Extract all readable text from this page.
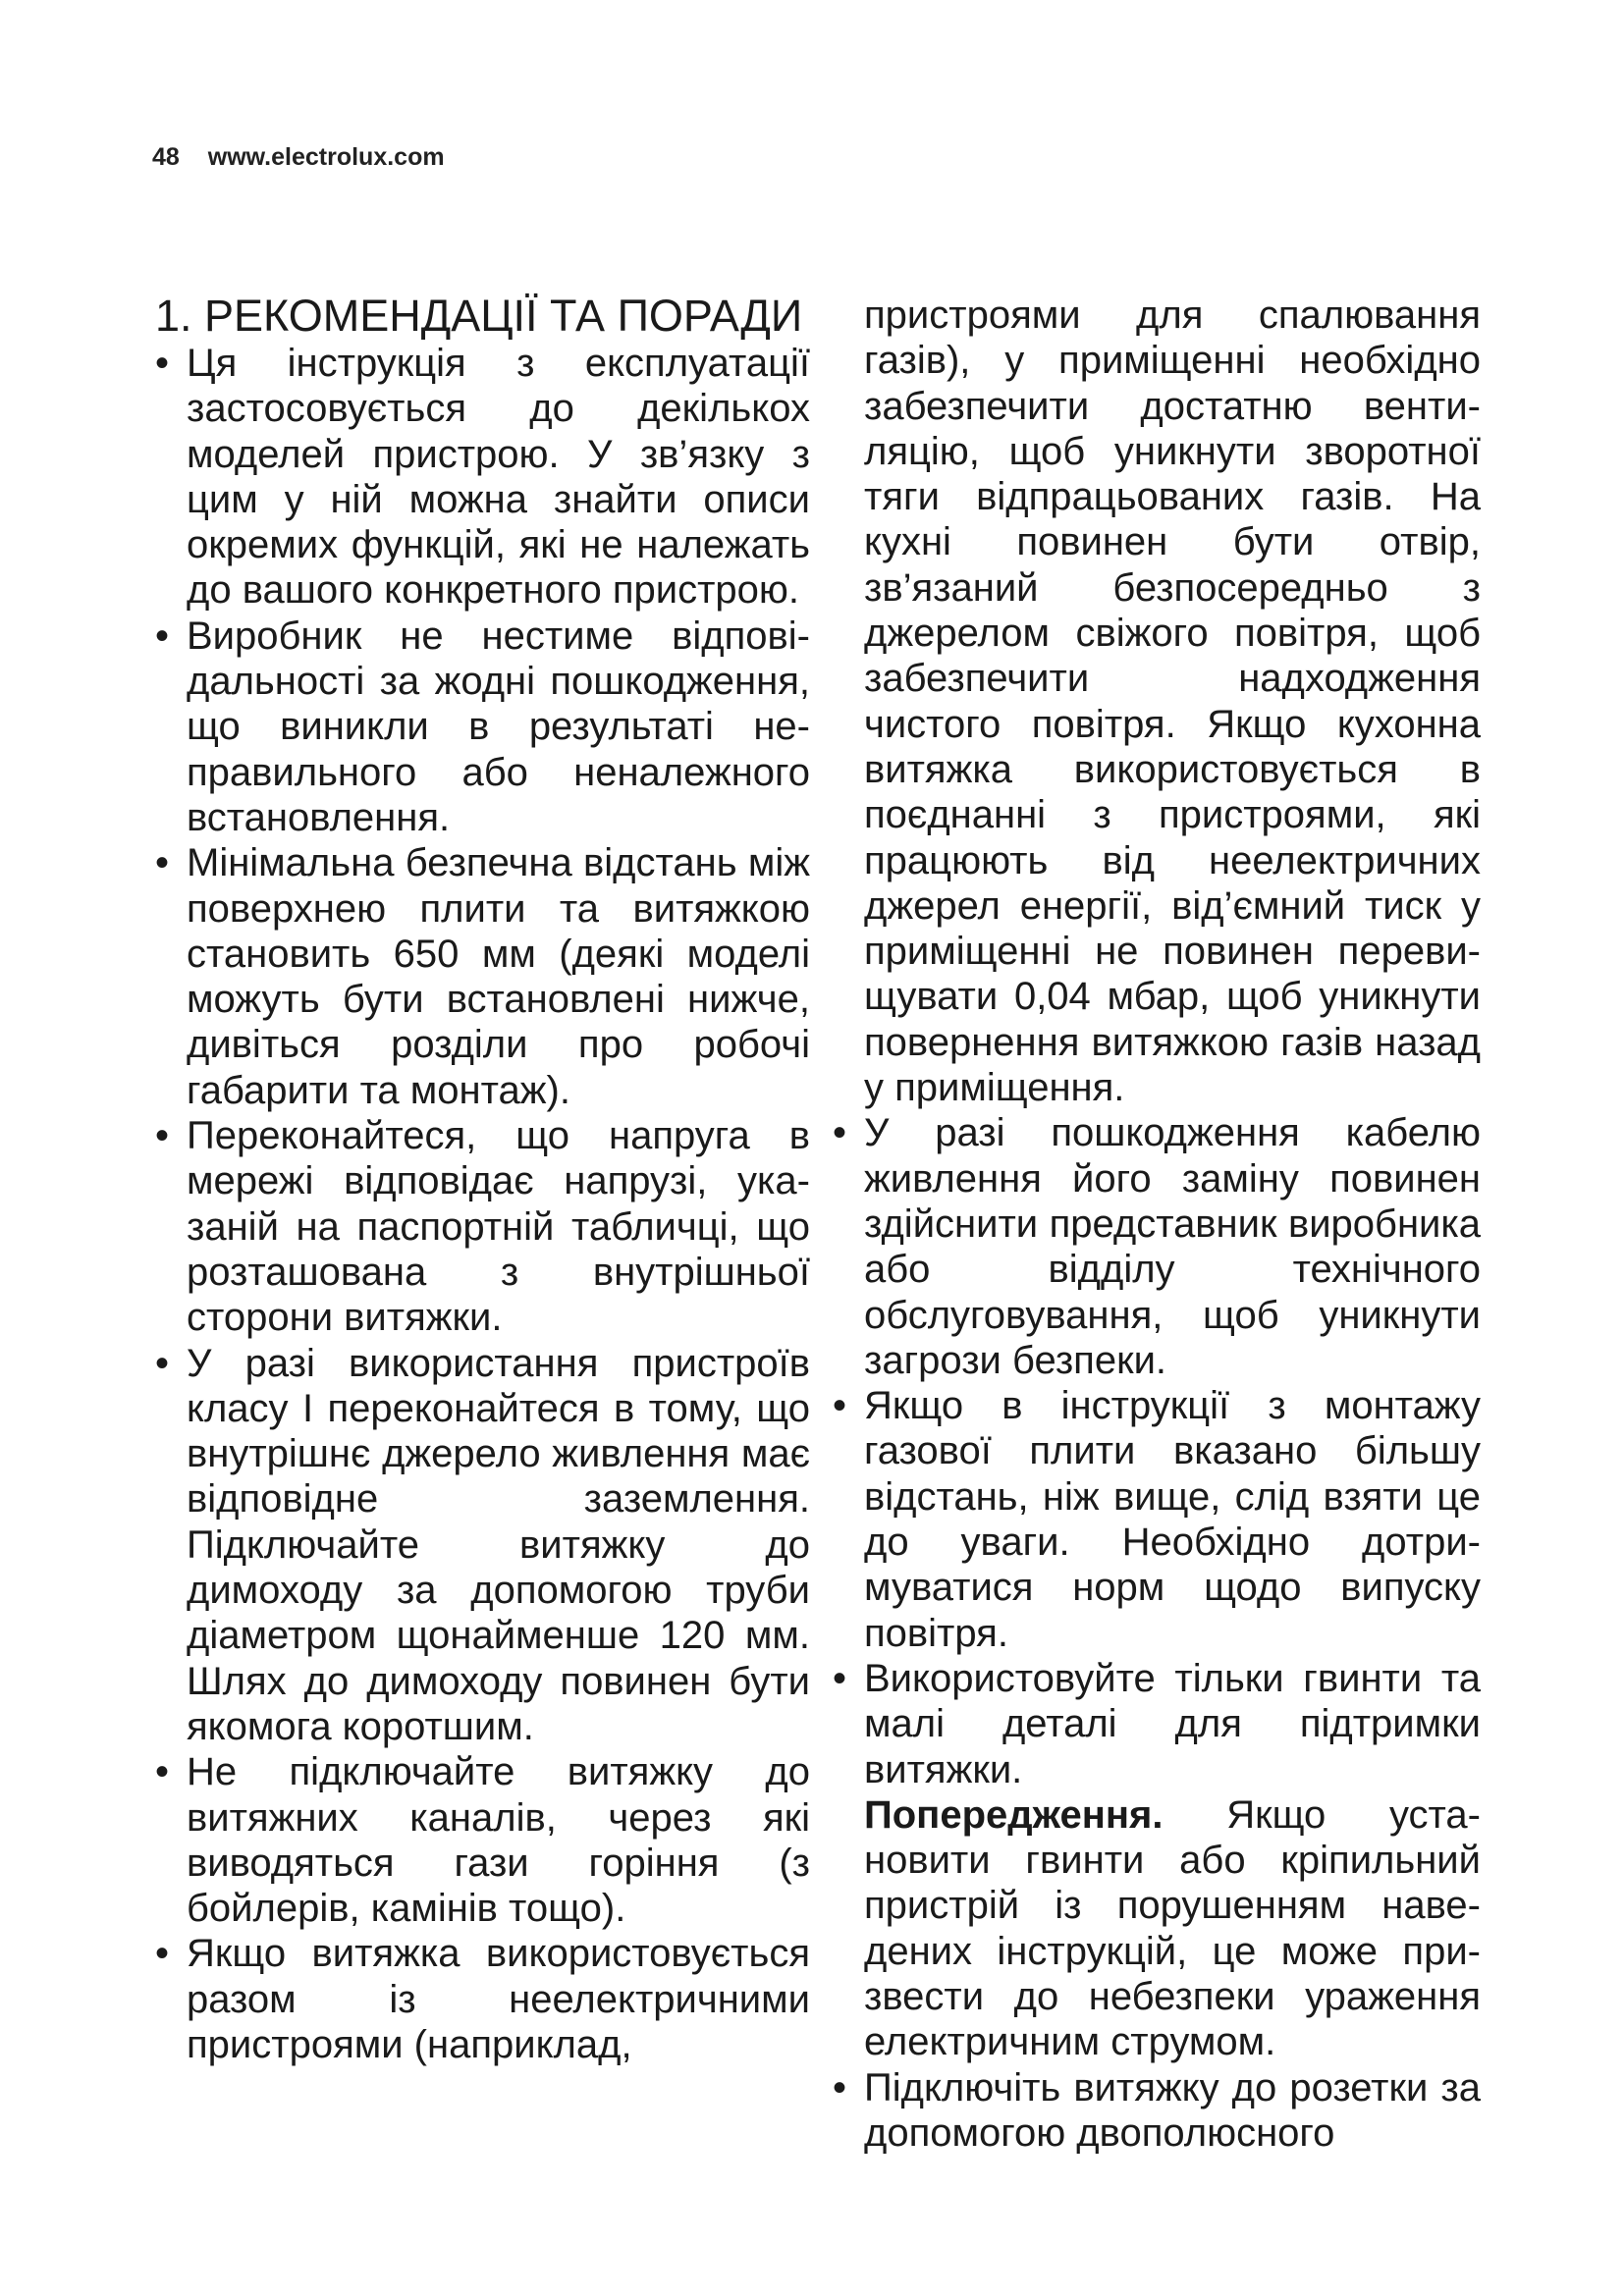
48 www.electrolux.com
1. РЕКОМЕНДАЦІЇ ТА ПОРАДИ
• Ця інструкція з експлуатації застосовується до декількох моделей пристрою. У зв’язку з цим у ній можна знайти описи окремих функцій, які не належать до вашого конкретного пристрою.
• Виробник не нестиме відповідальності за жодні пошкодження, що виникли в результаті неправильного або неналежного встановлення.
• Мінімальна безпечна відстань між поверхнею плити та витяжкою становить 650 мм (деякі моделі можуть бути встановлені нижче, дивіться розділи про робочі габарити та монтаж).
• Переконайтеся, що напруга в мережі відповідає напрузі, указаній на паспортній табличці, що розташована з внутрішньої сторони витяжки.
• У разі використання пристроїв класу I переконайтеся в тому, що внутрішнє джерело живлення має відповідне заземлення. Підключайте витяжку до димоходу за допомогою труби діаметром щонайменше 120 мм. Шлях до димоходу повинен бути якомога коротшим.
• Не підключайте витяжку до витяжних каналів, через які виводяться гази горіння (з бойлерів, камінів тощо).
• Якщо витяжка використовується разом із неелектричними пристроями (наприклад,

пристроями для спалювання газів), у приміщенні необхідно забезпечити достатню вентиляцію, щоб уникнути зворотної тяги відпрацьованих газів. На кухні повинен бути отвір, зв’язаний безпосередньо з джерелом свіжого повітря, щоб забезпечити надходження чистого повітря. Якщо кухонна витяжка використовується в поєднанні з пристроями, які працюють від неелектричних джерел енергії, від’ємний тиск у приміщенні не повинен перевищувати 0,04 мбар, щоб уникнути повернення витяжкою газів назад у приміщення.

• У разі пошкодження кабелю живлення його заміну повинен здійснити представник виробника або відділу технічного обслуговування, щоб уникнути загрози безпеки.
• Якщо в інструкції з монтажу газової плити вказано більшу відстань, ніж вище, слід взяти це до уваги. Необхідно дотримуватися норм щодо випуску повітря.
• Використовуйте тільки гвинти та малі деталі для підтримки витяжки.

Попередження. Якщо установити гвинти або кріпильний пристрій із порушенням наведених інструкцій, це може призвести до небезпеки ураження електричним струмом.

• Підключіть витяжку до розетки за допомогою двополюсного
